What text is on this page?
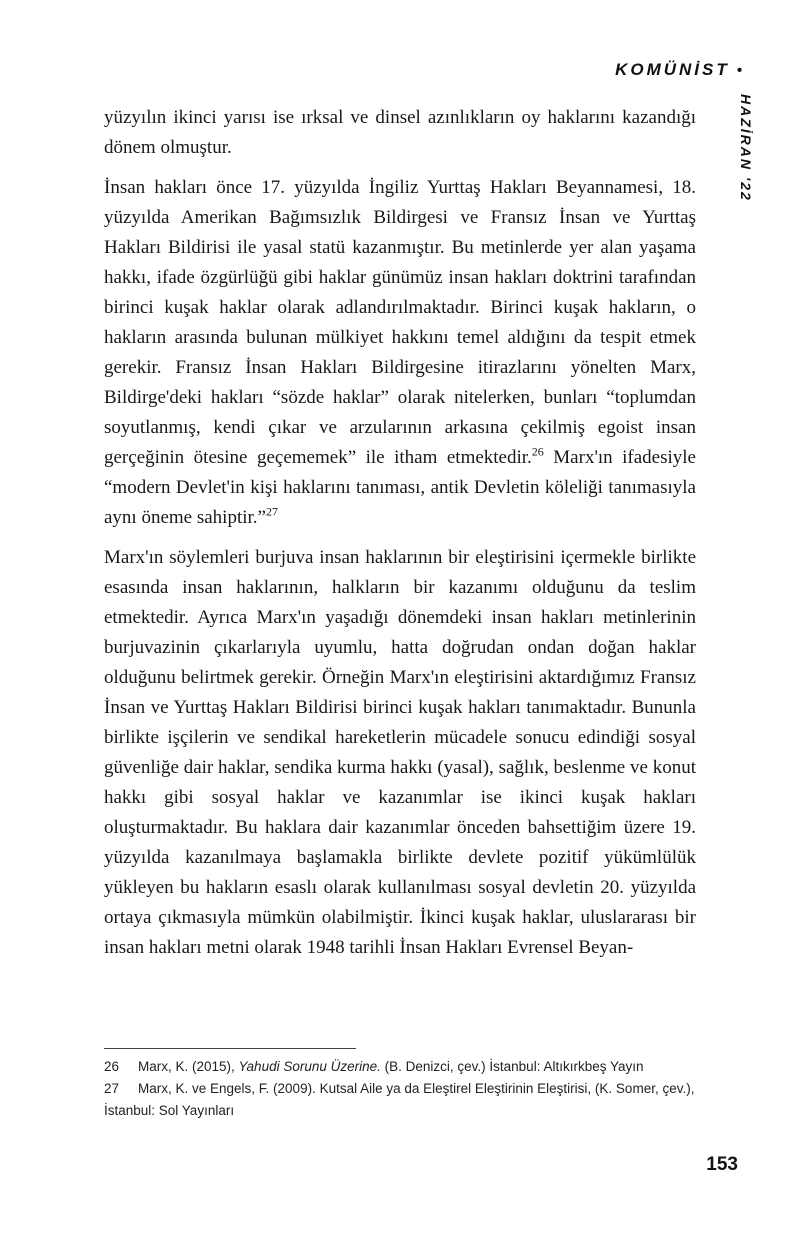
KOMÜNİST •
HAZİRAN '22

yüzyılın ikinci yarısı ise ırksal ve dinsel azınlıkların oy haklarını kazandığı dönem olmuştur.

İnsan hakları önce 17. yüzyılda İngiliz Yurttaş Hakları Beyannamesi, 18. yüzyılda Amerikan Bağımsızlık Bildirgesi ve Fransız İnsan ve Yurttaş Hakları Bildirisi ile yasal statü kazanmıştır. Bu metinlerde yer alan yaşama hakkı, ifade özgürlüğü gibi haklar günümüz insan hakları doktrini tarafından birinci kuşak haklar olarak adlandırılmaktadır. Birinci kuşak hakların, o hakların arasında bulunan mülkiyet hakkını temel aldığını da tespit etmek gerekir. Fransız İnsan Hakları Bildirgesine itirazlarını yönelten Marx, Bildirge'deki hakları “sözde haklar” olarak nitelerken, bunları “toplumdan soyutlanmış, kendi çıkar ve arzularının arkasına çekilmiş egoist insan gerçeğinin ötesine geçememek” ile itham etmektedir.$^{26}$ Marx'ın ifadesiyle “modern Devlet'in kişi haklarını tanıması, antik Devletin köleliği tanımasıyla aynı öneme sahiptir.”$^{27}$

Marx'ın söylemleri burjuva insan haklarının bir eleştirisini içermekle birlikte esasında insan haklarının, halkların bir kazanımı olduğunu da teslim etmektedir. Ayrıca Marx'ın yaşadığı dönemdeki insan hakları metinlerinin burjuvazinin çıkarlarıyla uyumlu, hatta doğrudan ondan doğan haklar olduğunu belirtmek gerekir. Örneğin Marx'ın eleştirisini aktardığımız Fransız İnsan ve Yurttaş Hakları Bildirisi birinci kuşak hakları tanımaktadır. Bununla birlikte işçilerin ve sendikal hareketlerin mücadele sonucu edindiği sosyal güvenliğe dair haklar, sendika kurma hakkı (yasal), sağlık, beslenme ve konut hakkı gibi sosyal haklar ve kazanımlar ise ikinci kuşak hakları oluşturmaktadır. Bu haklara dair kazanımlar önceden bahsettiğim üzere 19. yüzyılda kazanılmaya başlamakla birlikte devlete pozitif yükümlülük yükleyen bu hakların esaslı olarak kullanılması sosyal devletin 20. yüzyılda ortaya çıkmasıyla mümkün olabilmiştir. İkinci kuşak haklar, uluslararası bir insan hakları metni olarak 1948 tarihli İnsan Hakları Evrensel Beyan-

26 Marx, K. (2015), Yahudi Sorunu Üzerine. (B. Denizci, çev.) İstanbul: Altıkırkbeş Yayın

27 Marx, K. ve Engels, F. (2009). Kutsal Aile ya da Eleştirel Eleştirinin Eleştirisi, (K. Somer, çev.), İstanbul: Sol Yayınları

153
